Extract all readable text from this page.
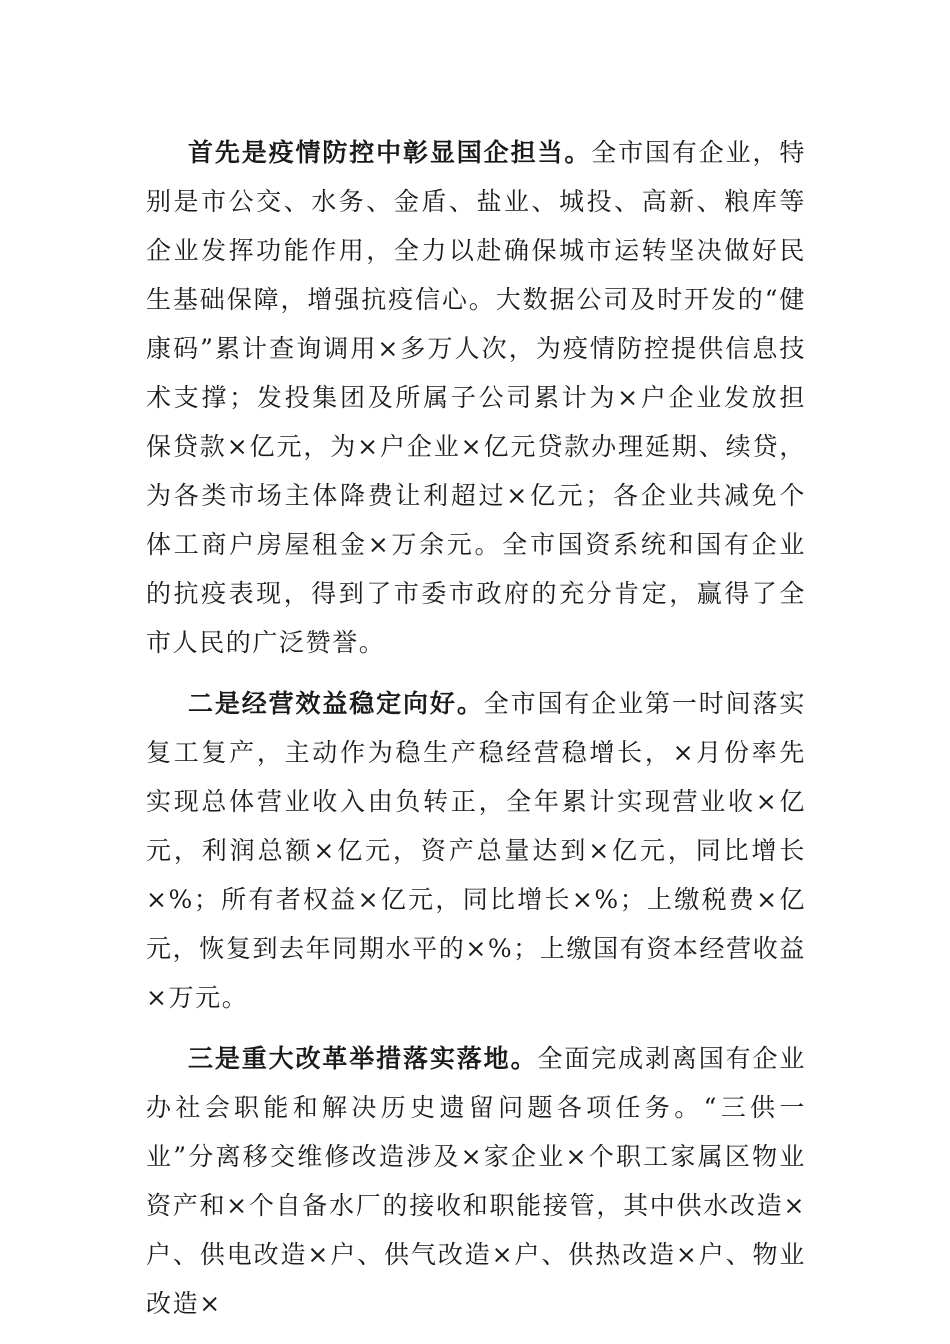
首先是疫情防控中彰显国企担当。全市国有企业，特别是市公交、水务、金盾、盐业、城投、高新、粮库等企业发挥功能作用，全力以赴确保城市运转坚决做好民生基础保障，增强抗疫信心。大数据公司及时开发的“健康码”累计查询调用×多万人次，为疫情防控提供信息技术支撑；发投集团及所属子公司累计为×户企业发放担保贷款×亿元，为×户企业×亿元贷款办理延期、续贷，为各类市场主体降费让利超过×亿元；各企业共减免个体工商户房屋租金×万余元。全市国资系统和国有企业的抗疫表现，得到了市委市政府的充分肯定，赢得了全市人民的广泛赞誉。

二是经营效益稳定向好。全市国有企业第一时间落实复工复产，主动作为稳生产稳经营稳增长，×月份率先实现总体营业收入由负转正，全年累计实现营业收×亿元，利润总额×亿元，资产总量达到×亿元，同比增长×%；所有者权益×亿元，同比增长×%；上缴税费×亿元，恢复到去年同期水平的×%；上缴国有资本经营收益×万元。

三是重大改革举措落实落地。全面完成剥离国有企业办社会职能和解决历史遗留问题各项任务。“三供一业”分离移交维修改造涉及×家企业×个职工家属区物业资产和×个自备水厂的接收和职能接管，其中供水改造×户、供电改造×户、供气改造×户、供热改造×户、物业改造×
